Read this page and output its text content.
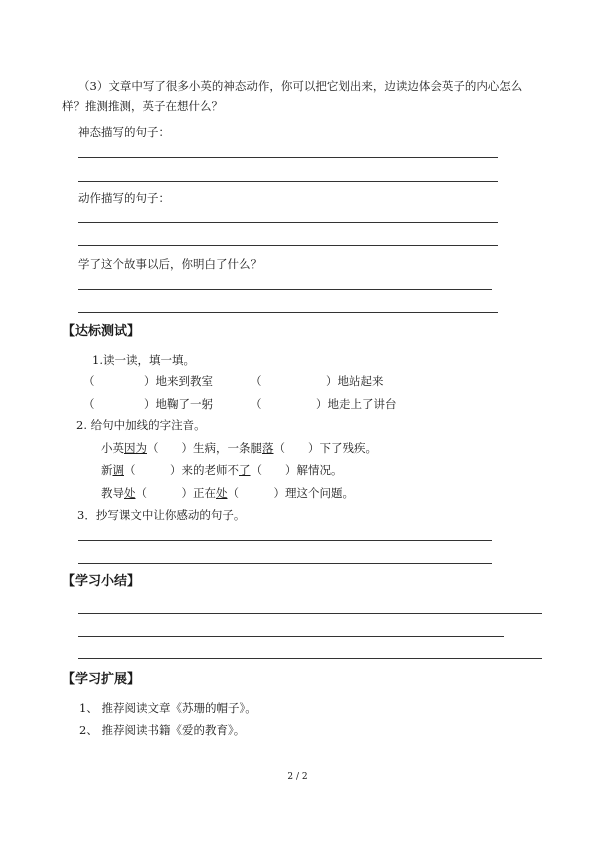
（3）文章中写了很多小英的神态动作，你可以把它划出来，边读边体会英子的内心怎么
样？推测推测，英子在想什么？
神态描写的句子：
动作描写的句子：
学了这个故事以后，你明白了什么？
【达标测试】
1.读一读，填一填。
（	）地来到教室	（	）地站起来
（	）地鞠了一躬	（	）地走上了讲台
2. 给句中加线的字注音。
小英因为（　　）生病，一条腿落（　　）下了残疾。
新调（　　　）来的老师不了（　　）解情况。
教导处（　　　）正在处（　　　）理这个问题。
3．抄写课文中让你感动的句子。
【学习小结】
【学习扩展】
1、 推荐阅读文章《苏珊的帽子》。
2、 推荐阅读书籍《爱的教育》。
2 / 2
